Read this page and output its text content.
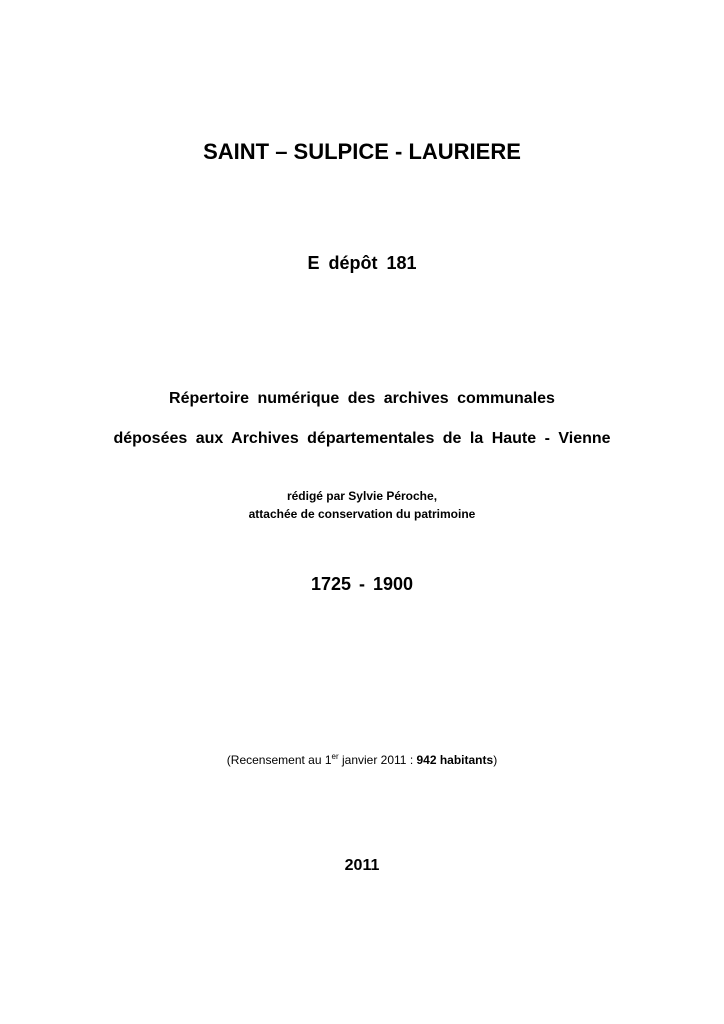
SAINT – SULPICE - LAURIERE
E dépôt 181
Répertoire numérique des archives communales
déposées aux Archives départementales de la Haute - Vienne
rédigé par Sylvie Péroche,
attachée de conservation du patrimoine
1725 - 1900
(Recensement au 1er janvier 2011 : 942 habitants)
2011
